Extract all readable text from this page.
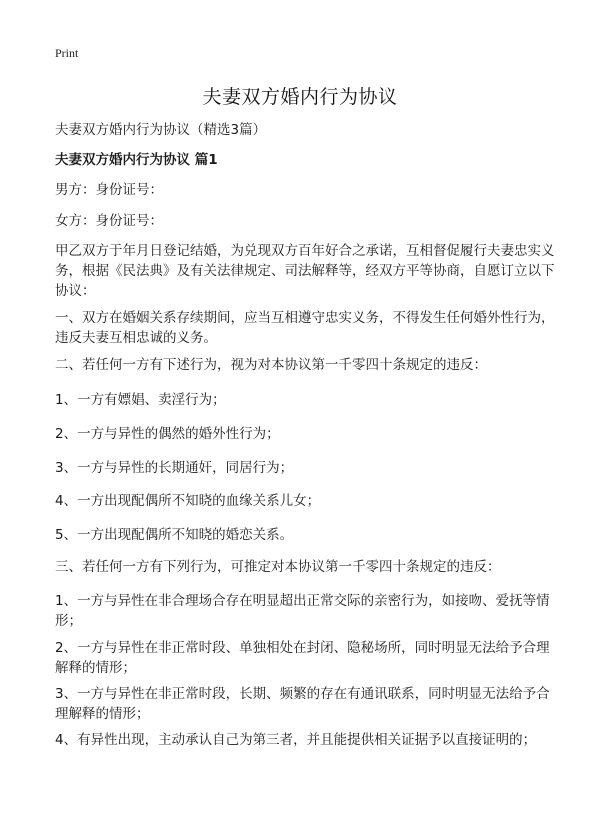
Print
夫妻双方婚内行为协议
夫妻双方婚内行为协议（精选3篇）
夫妻双方婚内行为协议 篇1
男方：身份证号：
女方：身份证号：
甲乙双方于年月日登记结婚，为兑现双方百年好合之承诺，互相督促履行夫妻忠实义务，根据《民法典》及有关法律规定、司法解释等，经双方平等协商，自愿订立以下协议：
一、双方在婚姻关系存续期间，应当互相遵守忠实义务，不得发生任何婚外性行为，违反夫妻互相忠诚的义务。
二、若任何一方有下述行为，视为对本协议第一千零四十条规定的违反：
1、一方有嫖娼、卖淫行为；
2、一方与异性的偶然的婚外性行为；
3、一方与异性的长期通奸，同居行为；
4、一方出现配偶所不知晓的血缘关系儿女；
5、一方出现配偶所不知晓的婚恋关系。
三、若任何一方有下列行为，可推定对本协议第一千零四十条规定的违反：
1、一方与异性在非合理场合存在明显超出正常交际的亲密行为，如接吻、爱抚等情形；
2、一方与异性在非正常时段、单独相处在封闭、隐秘场所，同时明显无法给予合理解释的情形；
3、一方与异性在非正常时段，长期、频繁的存在有通讯联系，同时明显无法给予合理解释的情形；
4、有异性出现，主动承认自己为第三者，并且能提供相关证据予以直接证明的；
